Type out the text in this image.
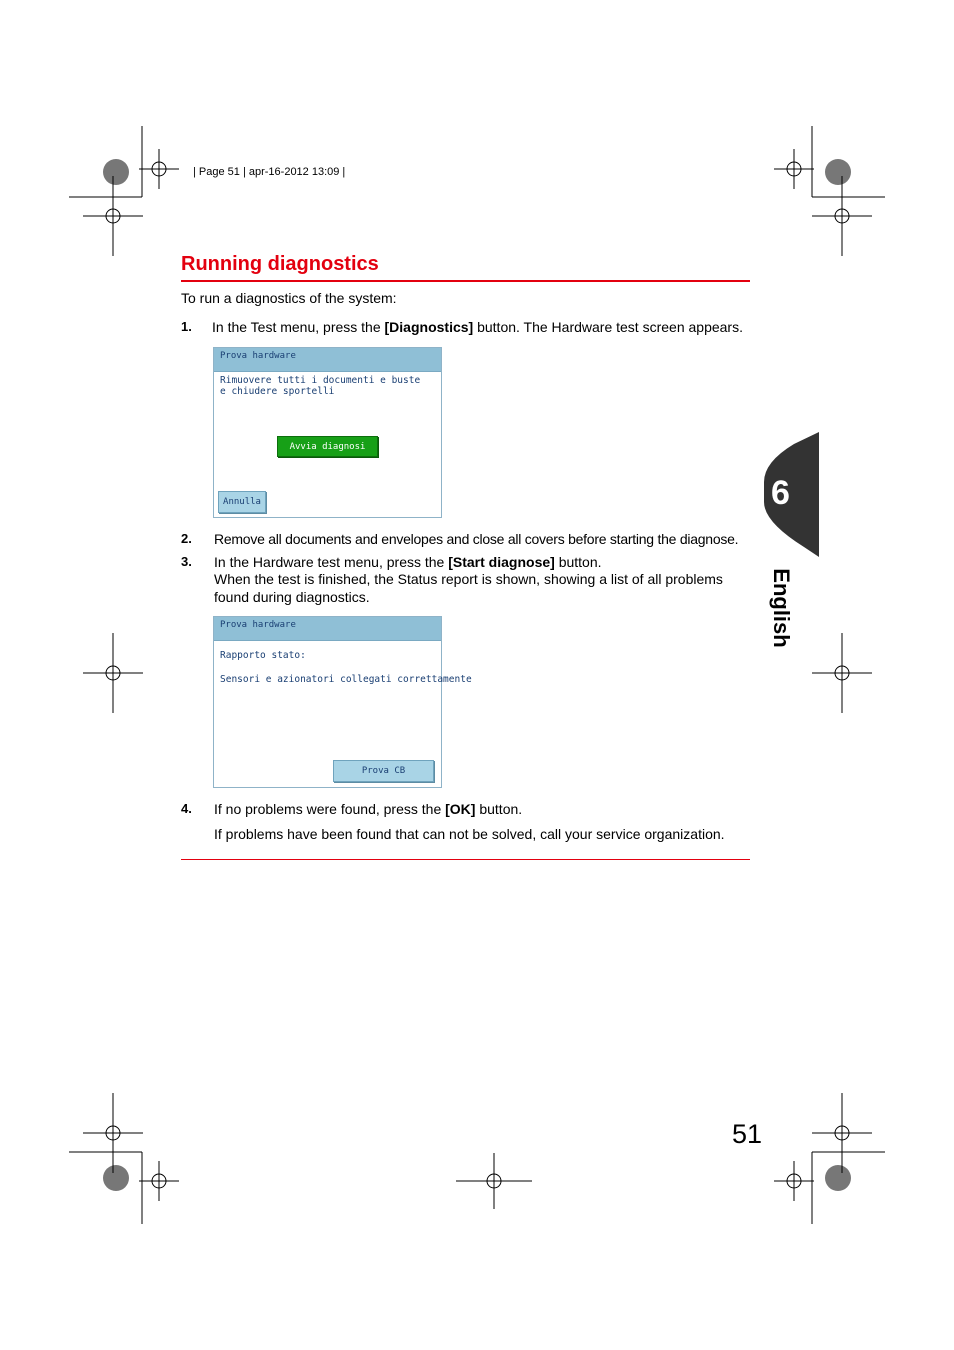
| Page 51 | apr-16-2012 13:09 |
Running diagnostics
To run a diagnostics of the system:
1. In the Test menu, press the [Diagnostics] button. The Hardware test screen appears.
Prova hardware
Rimuovere tutti i documenti e buste
e chiudere sportelli
Avvia diagnosi
Annulla
2. Remove all documents and envelopes and close all covers before starting the diagnose.
3. In the Hardware test menu, press the [Start diagnose] button.
When the test is finished, the Status report is shown, showing a list of all problems
found during diagnostics.
Prova hardware
Rapporto stato:
Sensori e azionatori collegati correttamente
Prova CB
4. If no problems were found, press the [OK] button.
If problems have been found that can not be solved, call your service organization.
6
English
51
